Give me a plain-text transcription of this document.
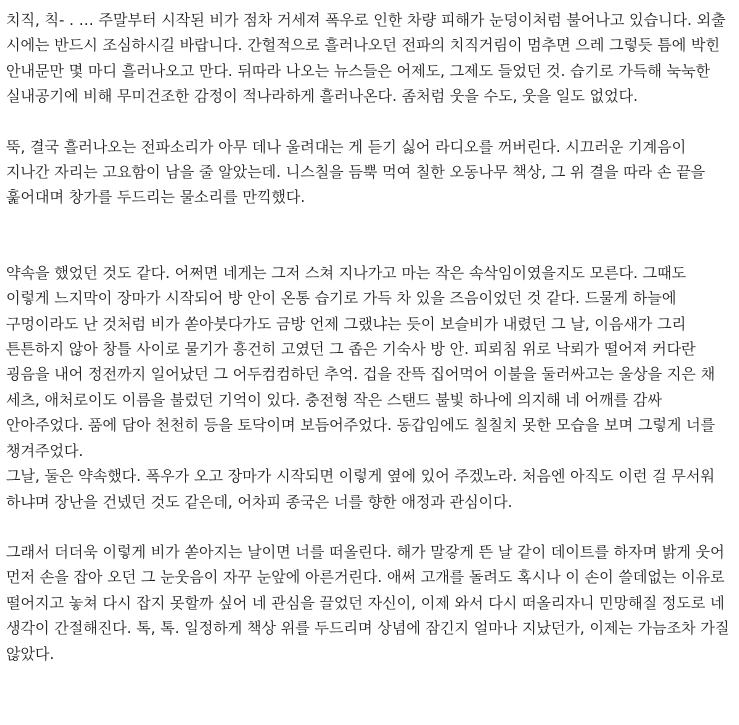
치직, 칙- . … 주말부터 시작된 비가 점차 거세져 폭우로 인한 차량 피해가 눈덩이처럼 불어나고 있습니다. 외출 시에는 반드시 조심하시길 바랍니다. 간헐적으로 흘러나오던 전파의 치직거림이 멈추면 으레 그렇듯 틈에 박힌 안내문만 몇 마디 흘러나오고 만다. 뒤따라 나오는 뉴스들은 어제도, 그제도 들었던 것. 습기로 가득해 눅눅한 실내공기에 비해 무미건조한 감정이 적나라하게 흘러나온다. 좀처럼 웃을 수도, 웃을 일도 없었다.

뚝, 결국 흘러나오는 전파소리가 아무 데나 울려대는 게 듣기 싫어 라디오를 꺼버린다. 시끄러운 기계음이 지나간 자리는 고요함이 남을 줄 알았는데. 니스칠을 듬뿍 먹여 칠한 오동나무 책상, 그 위 결을 따라 손 끝을 훑어대며 창가를 두드리는 물소리를 만끽했다.

약속을 했었던 것도 같다. 어쩌면 네게는 그저 스쳐 지나가고 마는 작은 속삭임이였을지도 모른다. 그때도 이렇게 느지막이 장마가 시작되어 방 안이 온통 습기로 가득 차 있을 즈음이었던 것 같다. 드물게 하늘에 구멍이라도 난 것처럼 비가 쏟아붓다가도 금방 언제 그랬냐는 듯이 보슬비가 내렸던 그 날, 이음새가 그리 튼튼하지 않아 창틀 사이로 물기가 흥건히 고였던 그 좁은 기숙사 방 안. 피뢰침 위로 낙뢰가 떨어져 커다란 굉음을 내어 정전까지 일어났던 그 어두컴컴하던 추억. 겁을 잔뜩 집어먹어 이불을 둘러싸고는 울상을 지은 채 세츠, 애처로이도 이름을 불렀던 기억이 있다. 충전형 작은 스탠드 불빛 하나에 의지해 네 어깨를 감싸 안아주었다. 품에 담아 천천히 등을 토닥이며 보듬어주었다. 동갑임에도 칠칠치 못한 모습을 보며 그렇게 너를 챙겨주었다.

그날, 둘은 약속했다. 폭우가 오고 장마가 시작되면 이렇게 옆에 있어 주겠노라. 처음엔 아직도 이런 걸 무서워 하냐며 장난을 건넸던 것도 같은데, 어차피 종국은 너를 향한 애정과 관심이다.

그래서 더더욱 이렇게 비가 쏟아지는 날이면 너를 떠올린다. 해가 말갛게 뜬 날 같이 데이트를 하자며 밝게 웃어 먼저 손을 잡아 오던 그 눈웃음이 자꾸 눈앞에 아른거린다. 애써 고개를 돌려도 혹시나 이 손이 쓸데없는 이유로 떨어지고 놓쳐 다시 잡지 못할까 싶어 네 관심을 끌었던 자신이, 이제 와서 다시 떠올리자니 민망해질 정도로 네 생각이 간절해진다. 톡, 톡. 일정하게 책상 위를 두드리며 상념에 잠긴지 얼마나 지났던가, 이제는 가늠조차 가질 않았다.
